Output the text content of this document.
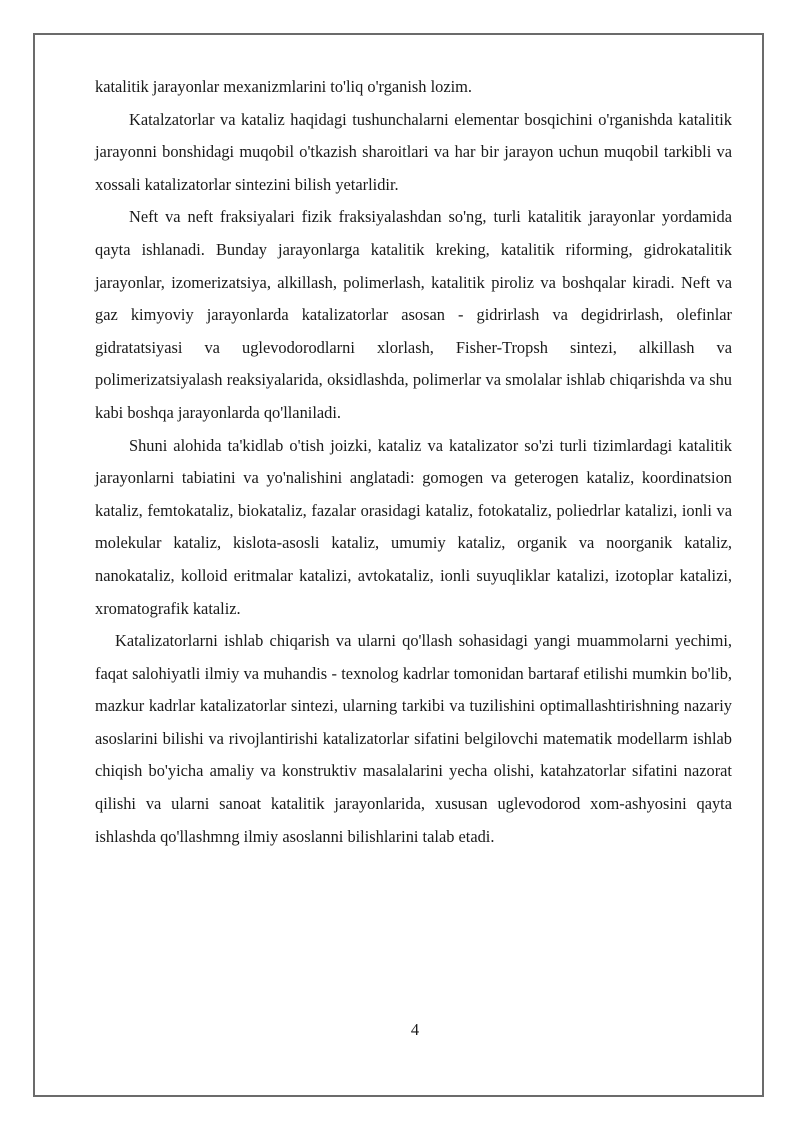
katalitik jarayonlar mexanizmlarini to'liq o'rganish lozim.

Katalzatorlar va kataliz haqidagi tushunchalarni elementar bosqichini o'rganishda katalitik jarayonni bonshidagi muqobil o'tkazish sharoitlari va har bir jarayon uchun muqobil tarkibli va xossali katalizatorlar sintezini bilish yetarlidir.

Neft va neft fraksiyalari fizik fraksiyalashdan so'ng, turli katalitik jarayonlar yordamida qayta ishlanadi. Bunday jarayonlarga katalitik kreking, katalitik riforming, gidrokatalitik jarayonlar, izomerizatsiya, alkillash, polimerlash, katalitik piroliz va boshqalar kiradi. Neft va gaz kimyoviy jarayonlarda katalizatorlar asosan - gidrirlash va degidrirlash, olefinlar gidratatsiyasi va uglevodorodlarni xlorlash, Fisher-Tropsh sintezi, alkillash va polimerizatsiyalash reaksiyalarida, oksidlashda, polimerlar va smolalar ishlab chiqarishda va shu kabi boshqa jarayonlarda qo'llaniladi.

Shuni alohida ta'kidlab o'tish joizki, kataliz va katalizator so'zi turli tizimlardagi katalitik jarayonlarni tabiatini va yo'nalishini anglatadi: gomogen va geterogen kataliz, koordinatsion kataliz, femtokataliz, biokataliz, fazalar orasidagi kataliz, fotokataliz, poliedrlar katalizi, ionli va molekular kataliz, kislota-asosli kataliz, umumiy kataliz, organik va noorganik kataliz, nanokataliz, kolloid eritmalar katalizi, avtokataliz, ionli suyuqliklar katalizi, izotoplar katalizi, xromatografik kataliz.

Katalizatorlarni ishlab chiqarish va ularni qo'llash sohasidagi yangi muammolarni yechimi, faqat salohiyatli ilmiy va muhandis - texnolog kadrlar tomonidan bartaraf etilishi mumkin bo'lib, mazkur kadrlar katalizatorlar sintezi, ularning tarkibi va tuzilishini optimallashtirishning nazariy asoslarini bilishi va rivojlantirishi katalizatorlar sifatini belgilovchi matematik modellarm ishlab chiqish bo'yicha amaliy va konstruktiv masalalarini yecha olishi, katahzatorlar sifatini nazorat qilishi va ularni sanoat katalitik jarayonlarida, xususan uglevodorod xom-ashyosini qayta ishlashda qo'llashmng ilmiy asoslanni bilishlarini talab etadi.

4
